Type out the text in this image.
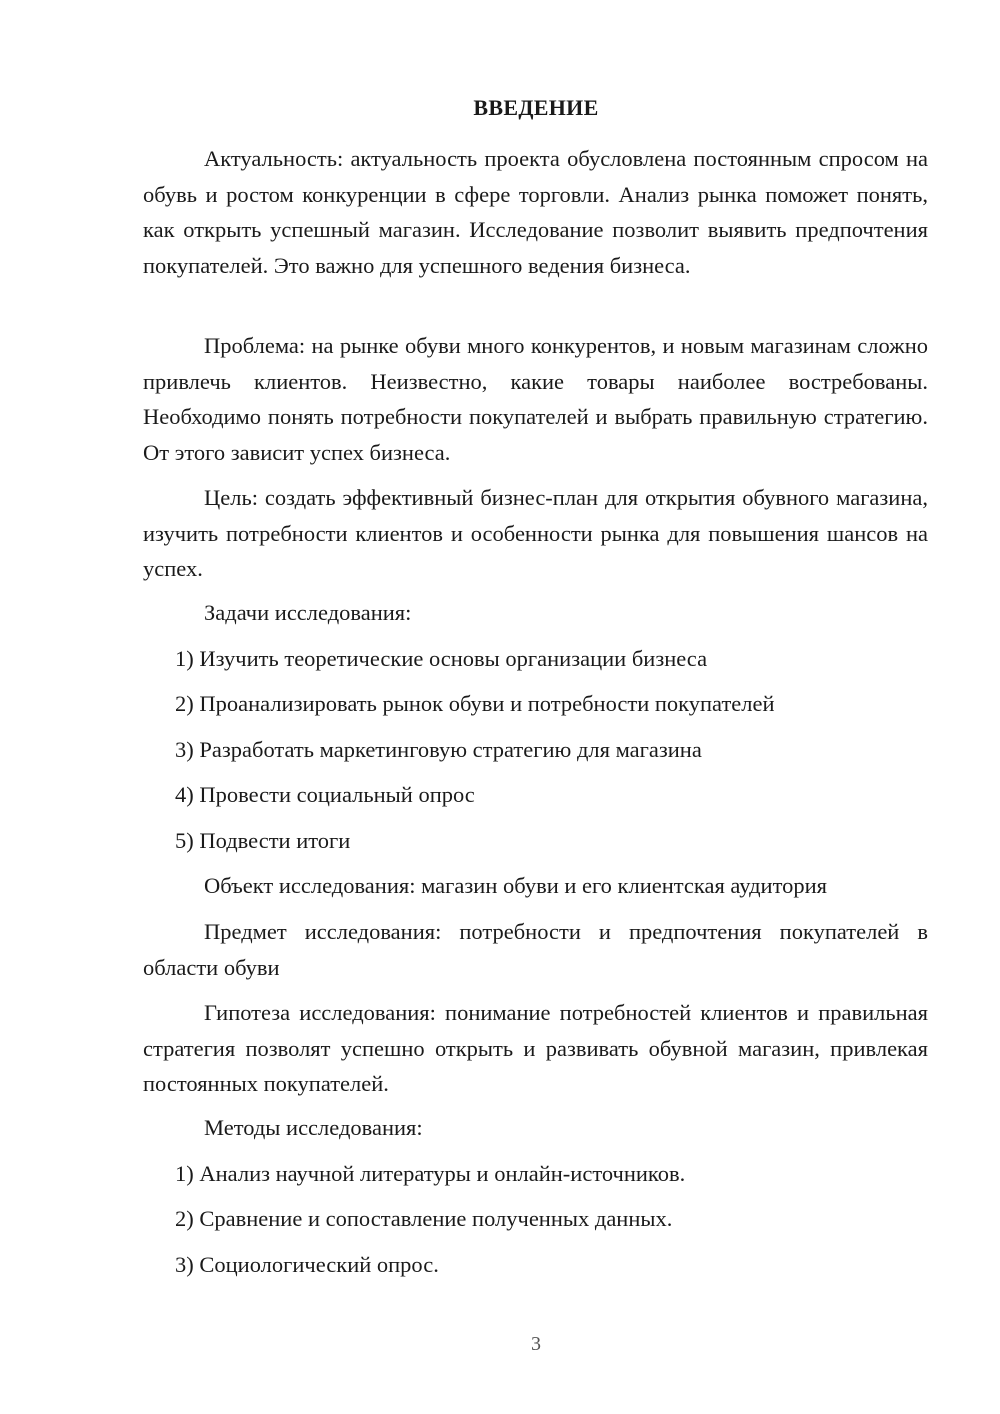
ВВЕДЕНИЕ

Актуальность: актуальность проекта обусловлена постоянным спросом на обувь и ростом конкуренции в сфере торговли. Анализ рынка поможет понять, как открыть успешный магазин. Исследование позволит выявить предпочтения покупателей. Это важно для успешного ведения бизнеса.

Проблема: на рынке обуви много конкурентов, и новым магазинам сложно привлечь клиентов. Неизвестно, какие товары наиболее востребованы. Необходимо понять потребности покупателей и выбрать правильную стратегию. От этого зависит успех бизнеса.

Цель: создать эффективный бизнес-план для открытия обувного магазина, изучить потребности клиентов и особенности рынка для повышения шансов на успех.

Задачи исследования:

1) Изучить теоретические основы организации бизнеса

2) Проанализировать рынок обуви и потребности покупателей

3) Разработать маркетинговую стратегию для магазина

4) Провести социальный опрос

5) Подвести итоги

Объект исследования: магазин обуви и его клиентская аудитория

Предмет исследования: потребности и предпочтения покупателей в области обуви

Гипотеза исследования: понимание потребностей клиентов и правильная стратегия позволят успешно открыть и развивать обувной магазин, привлекая постоянных покупателей.

Методы исследования:

1) Анализ научной литературы и онлайн-источников.

2) Сравнение и сопоставление полученных данных.

3) Социологический опрос.

3
